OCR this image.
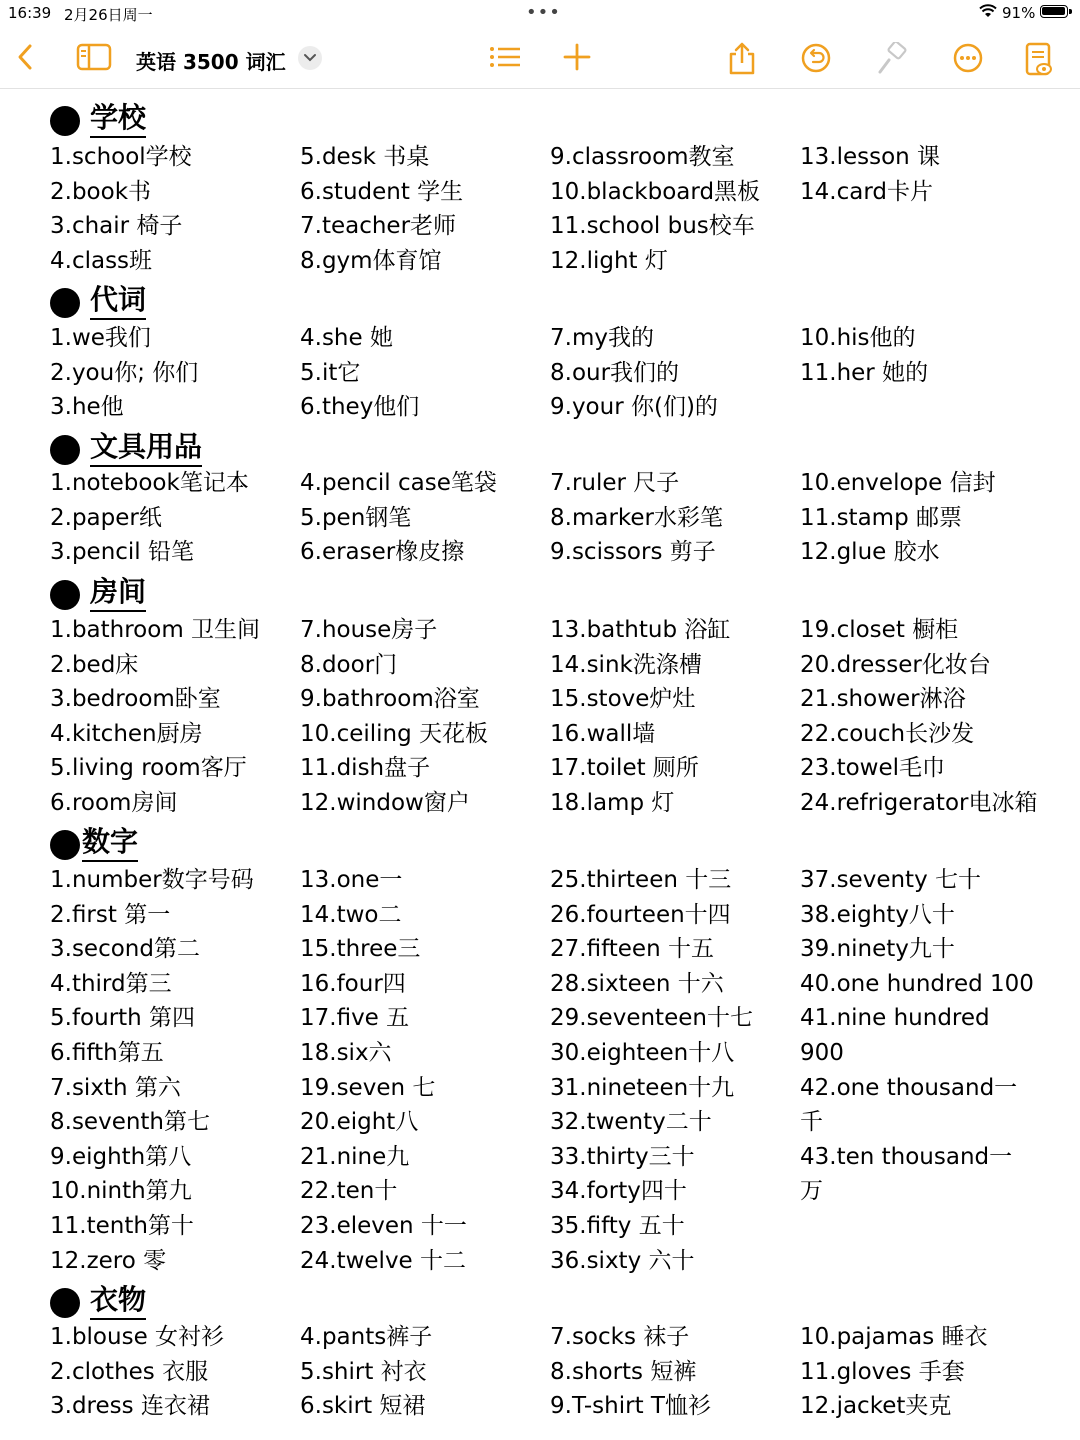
16:39 2月26日周一	•••	91%
英语 3500 词汇
学校
1.school学校
2.book书
3.chair 椅子
4.class班
5.desk 书桌
6.student 学生
7.teacher老师
8.gym体育馆
9.classroom教室
10.blackboard黑板
11.school bus校车
12.light 灯
13.lesson 课
14.card卡片
代词
1.we我们
2.you你; 你们
3.he他
4.she 她
5.it它
6.they他们
7.my我的
8.our我们的
9.your 你(们)的
10.his他的
11.her 她的
文具用品
1.notebook笔记本
2.paper纸
3.pencil 铅笔
4.pencil case笔袋
5.pen钢笔
6.eraser橡皮擦
7.ruler 尺子
8.marker水彩笔
9.scissors 剪子
10.envelope 信封
11.stamp 邮票
12.glue 胶水
房间
1.bathroom 卫生间
2.bed床
3.bedroom卧室
4.kitchen厨房
5.living room客厅
6.room房间
7.house房子
8.door门
9.bathroom浴室
10.ceiling 天花板
11.dish盘子
12.window窗户
13.bathtub 浴缸
14.sink洗涤槽
15.stove炉灶
16.wall墙
17.toilet 厕所
18.lamp 灯
19.closet 橱柜
20.dresser化妆台
21.shower淋浴
22.couch长沙发
23.towel毛巾
24.refrigerator电冰箱
数字
1.number数字号码
2.first 第一
3.second第二
4.third第三
5.fourth 第四
6.fifth第五
7.sixth 第六
8.seventh第七
9.eighth第八
10.ninth第九
11.tenth第十
12.zero 零
13.one一
14.two二
15.three三
16.four四
17.five 五
18.six六
19.seven 七
20.eight八
21.nine九
22.ten十
23.eleven 十一
24.twelve 十二
25.thirteen 十三
26.fourteen十四
27.fifteen 十五
28.sixteen 十六
29.seventeen十七
30.eighteen十八
31.nineteen十九
32.twenty二十
33.thirty三十
34.forty四十
35.fifty 五十
36.sixty 六十
37.seventy 七十
38.eighty八十
39.ninety九十
40.one hundred 100
41.nine hundred
900
42.one thousand一
千
43.ten thousand一
万
衣物
1.blouse 女衬衫
2.clothes 衣服
3.dress 连衣裙
4.pants裤子
5.shirt 衬衣
6.skirt 短裙
7.socks 袜子
8.shorts 短裤
9.T-shirt T恤衫
10.pajamas 睡衣
11.gloves 手套
12.jacket夹克
